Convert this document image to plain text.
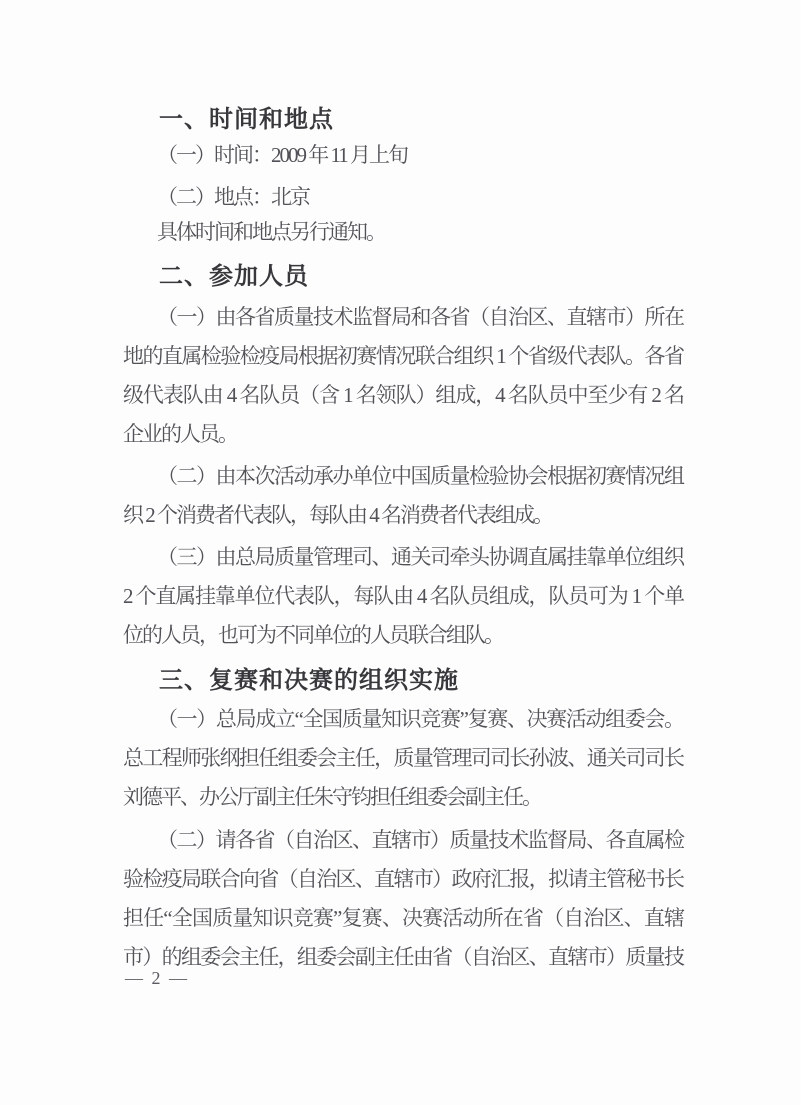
一、时间和地点
（一）时间：2009 年 11 月上旬
（二）地点：北京
具体时间和地点另行通知。
二、参加人员
（一）由各省质量技术监督局和各省（自治区、直辖市）所在
地的直属检验检疫局根据初赛情况联合组织 1 个省级代表队。各省
级代表队由 4 名队员（含 1 名领队）组成，4 名队员中至少有 2 名
企业的人员。
（二）由本次活动承办单位中国质量检验协会根据初赛情况组
织 2 个消费者代表队，每队由 4 名消费者代表组成。
（三）由总局质量管理司、通关司牵头协调直属挂靠单位组织
2 个直属挂靠单位代表队，每队由 4 名队员组成，队员可为 1 个单
位的人员，也可为不同单位的人员联合组队。
三、复赛和决赛的组织实施
（一）总局成立“全国质量知识竞赛”复赛、决赛活动组委会。
总工程师张纲担任组委会主任，质量管理司司长孙波、通关司司长
刘德平、办公厅副主任朱守钧担任组委会副主任。
（二）请各省（自治区、直辖市）质量技术监督局、各直属检
验检疫局联合向省（自治区、直辖市）政府汇报，拟请主管秘书长
担任“全国质量知识竞赛”复赛、决赛活动所在省（自治区、直辖
市）的组委会主任，组委会副主任由省（自治区、直辖市）质量技
— 2 —
